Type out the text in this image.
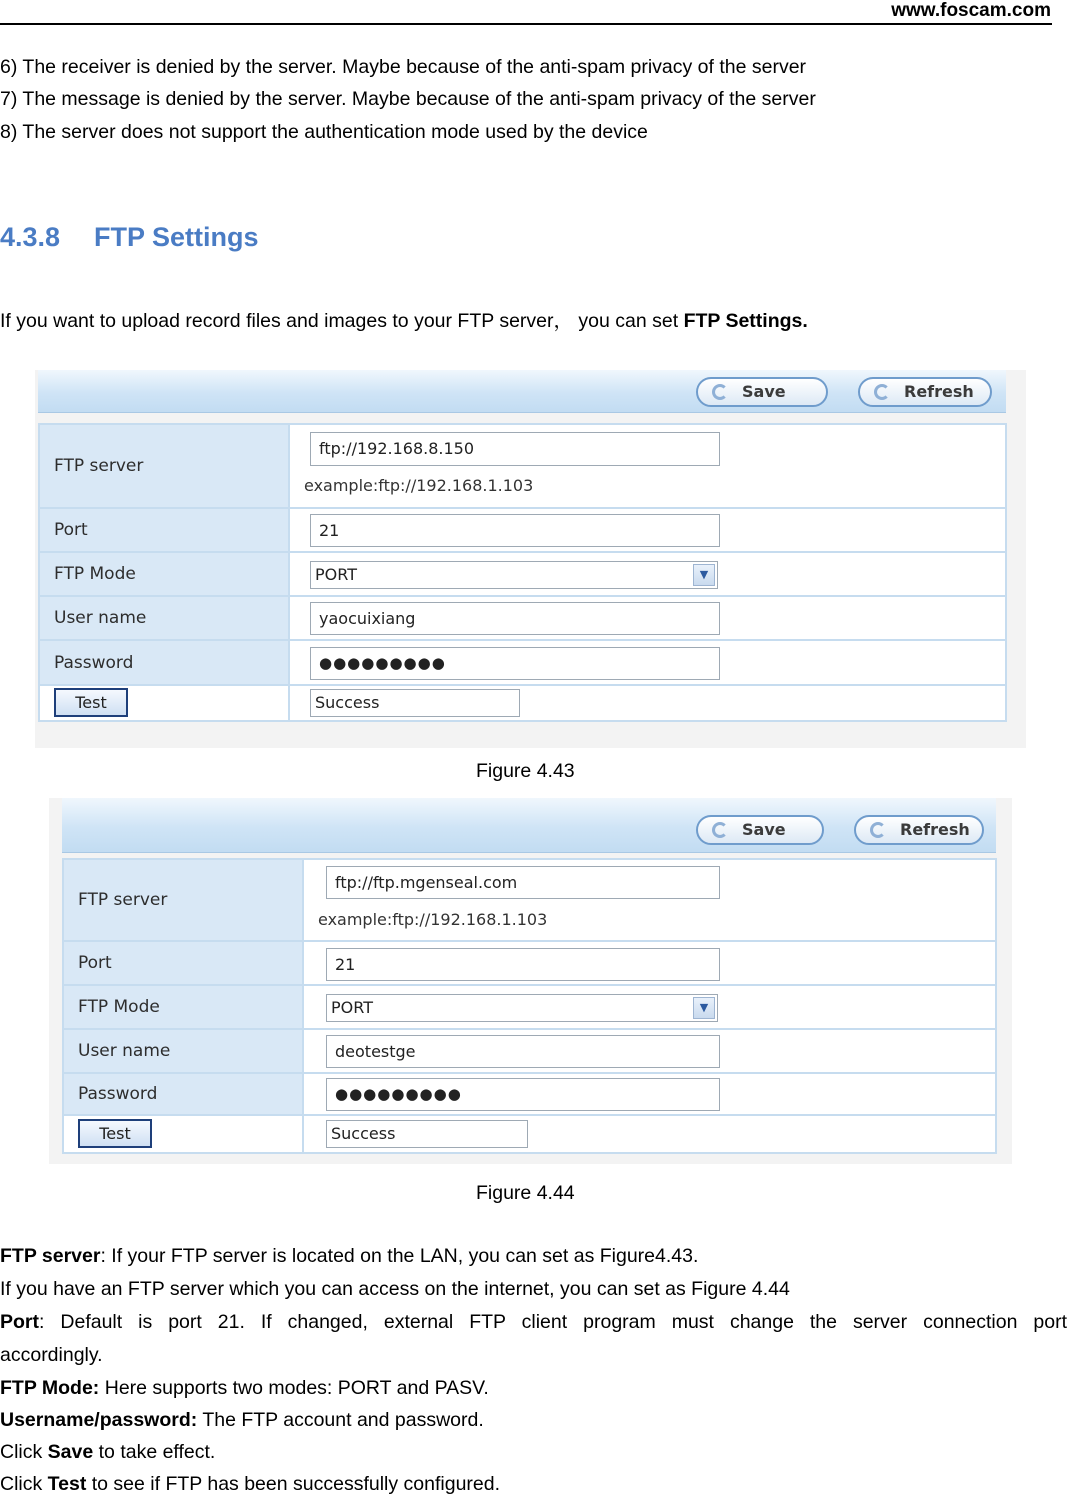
www.foscam.com
6) The receiver is denied by the server. Maybe because of the anti-spam privacy of the server
7) The message is denied by the server. Maybe because of the anti-spam privacy of the server
8) The server does not support the authentication mode used by the device
4.3.8 FTP Settings
If you want to upload record files and images to your FTP server， you can set FTP Settings.
Save	Refresh
FTP server	ftp://192.168.8.150
example:ftp://192.168.1.103

Port	21

FTP Mode	PORT ▼

User name	yaocuixiang

Password	●●●●●●●●●

Test	Success
Figure 4.43
Save	Refresh
FTP server	ftp://ftp.mgenseal.com
example:ftp://192.168.1.103

Port	21

FTP Mode	PORT ▼

User name	deotestge

Password	●●●●●●●●●

Test	Success
Figure 4.44
FTP server: If your FTP server is located on the LAN, you can set as Figure4.43.
If you have an FTP server which you can access on the internet, you can set as Figure 4.44
Port: Default is port 21. If changed, external FTP client program must change the server connection port
accordingly.
FTP Mode: Here supports two modes: PORT and PASV.
Username/password: The FTP account and password.
Click Save to take effect.
Click Test to see if FTP has been successfully configured.
